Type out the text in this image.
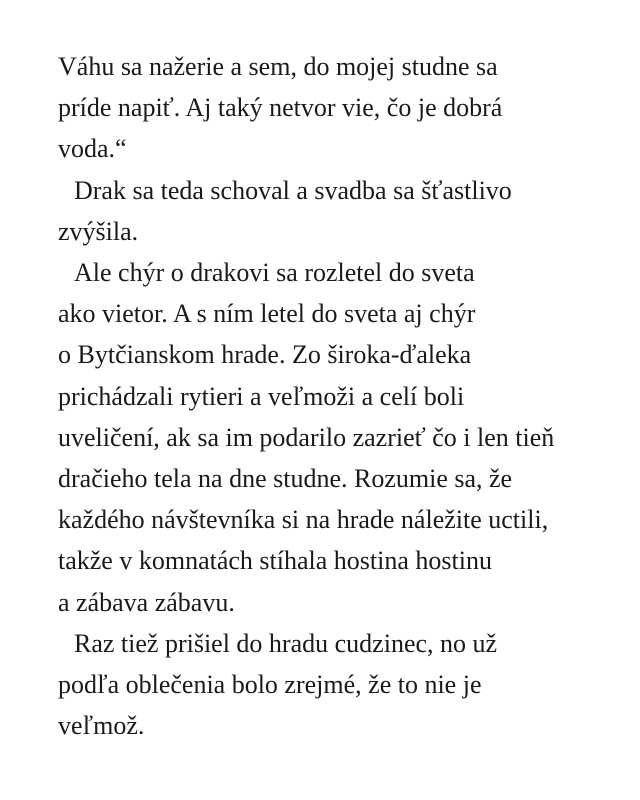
Váhu sa nažerie a sem, do mojej studne sa
príde napiť. Aj taký netvor vie, čo je dobrá
voda.“
Drak sa teda schoval a svadba sa šťastlivo
zvýšila.
Ale chýr o drakovi sa rozletel do sveta
ako vietor. A s ním letel do sveta aj chýr
o Bytčianskom hrade. Zo široka-ďaleka
prichádzali rytieri a veľmoži a celí boli
uveličení, ak sa im podarilo zazrieť čo i len tieň
dračieho tela na dne studne. Rozumie sa, že
každého návštevníka si na hrade náležite uctili,
takže v komnatách stíhala hostina hostinu
a zábava zábavu.
Raz tiež prišiel do hradu cudzinec, no už
podľa oblečenia bolo zrejmé, že to nie je
veľmož.
